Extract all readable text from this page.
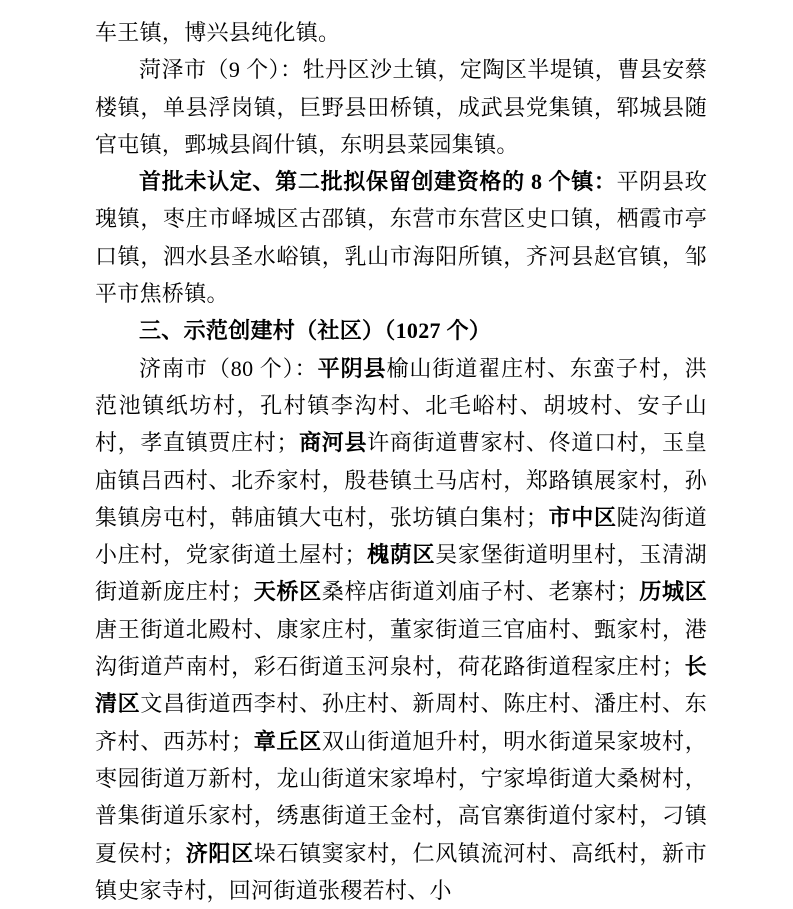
车王镇，博兴县纯化镇。

菏泽市（9 个）：牡丹区沙土镇，定陶区半堤镇，曹县安蔡楼镇，单县浮岗镇，巨野县田桥镇，成武县党集镇，郓城县随官屯镇，鄄城县阎什镇，东明县菜园集镇。

首批未认定、第二批拟保留创建资格的 8 个镇：平阴县玫瑰镇，枣庄市峄城区古邵镇，东营市东营区史口镇，栖霞市亭口镇，泗水县圣水峪镇，乳山市海阳所镇，齐河县赵官镇，邹平市焦桥镇。

三、示范创建村（社区）（1027 个）

济南市（80 个）：平阴县榆山街道翟庄村、东蛮子村，洪范池镇纸坊村，孔村镇李沟村、北毛峪村、胡坡村、安子山村，孝直镇贾庄村；商河县许商街道曹家村、佟道口村，玉皇庙镇吕西村、北乔家村，殷巷镇土马店村，郑路镇展家村，孙集镇房屯村，韩庙镇大屯村，张坊镇白集村；市中区陡沟街道小庄村，党家街道土屋村；槐荫区吴家堡街道明里村，玉清湖街道新庞庄村；天桥区桑梓店街道刘庙子村、老寨村；历城区唐王街道北殿村、康家庄村，董家街道三官庙村、甄家村，港沟街道芦南村，彩石街道玉河泉村，荷花路街道程家庄村；长清区文昌街道西李村、孙庄村、新周村、陈庄村、潘庄村、东齐村、西苏村；章丘区双山街道旭升村，明水街道杲家坡村，枣园街道万新村，龙山街道宋家埠村，宁家埠街道大桑树村，普集街道乐家村，绣惠街道王金村，高官寨街道付家村，刁镇夏侯村；济阳区垛石镇窦家村，仁风镇流河村、高纸村，新市镇史家寺村，回河街道张稷若村、小
